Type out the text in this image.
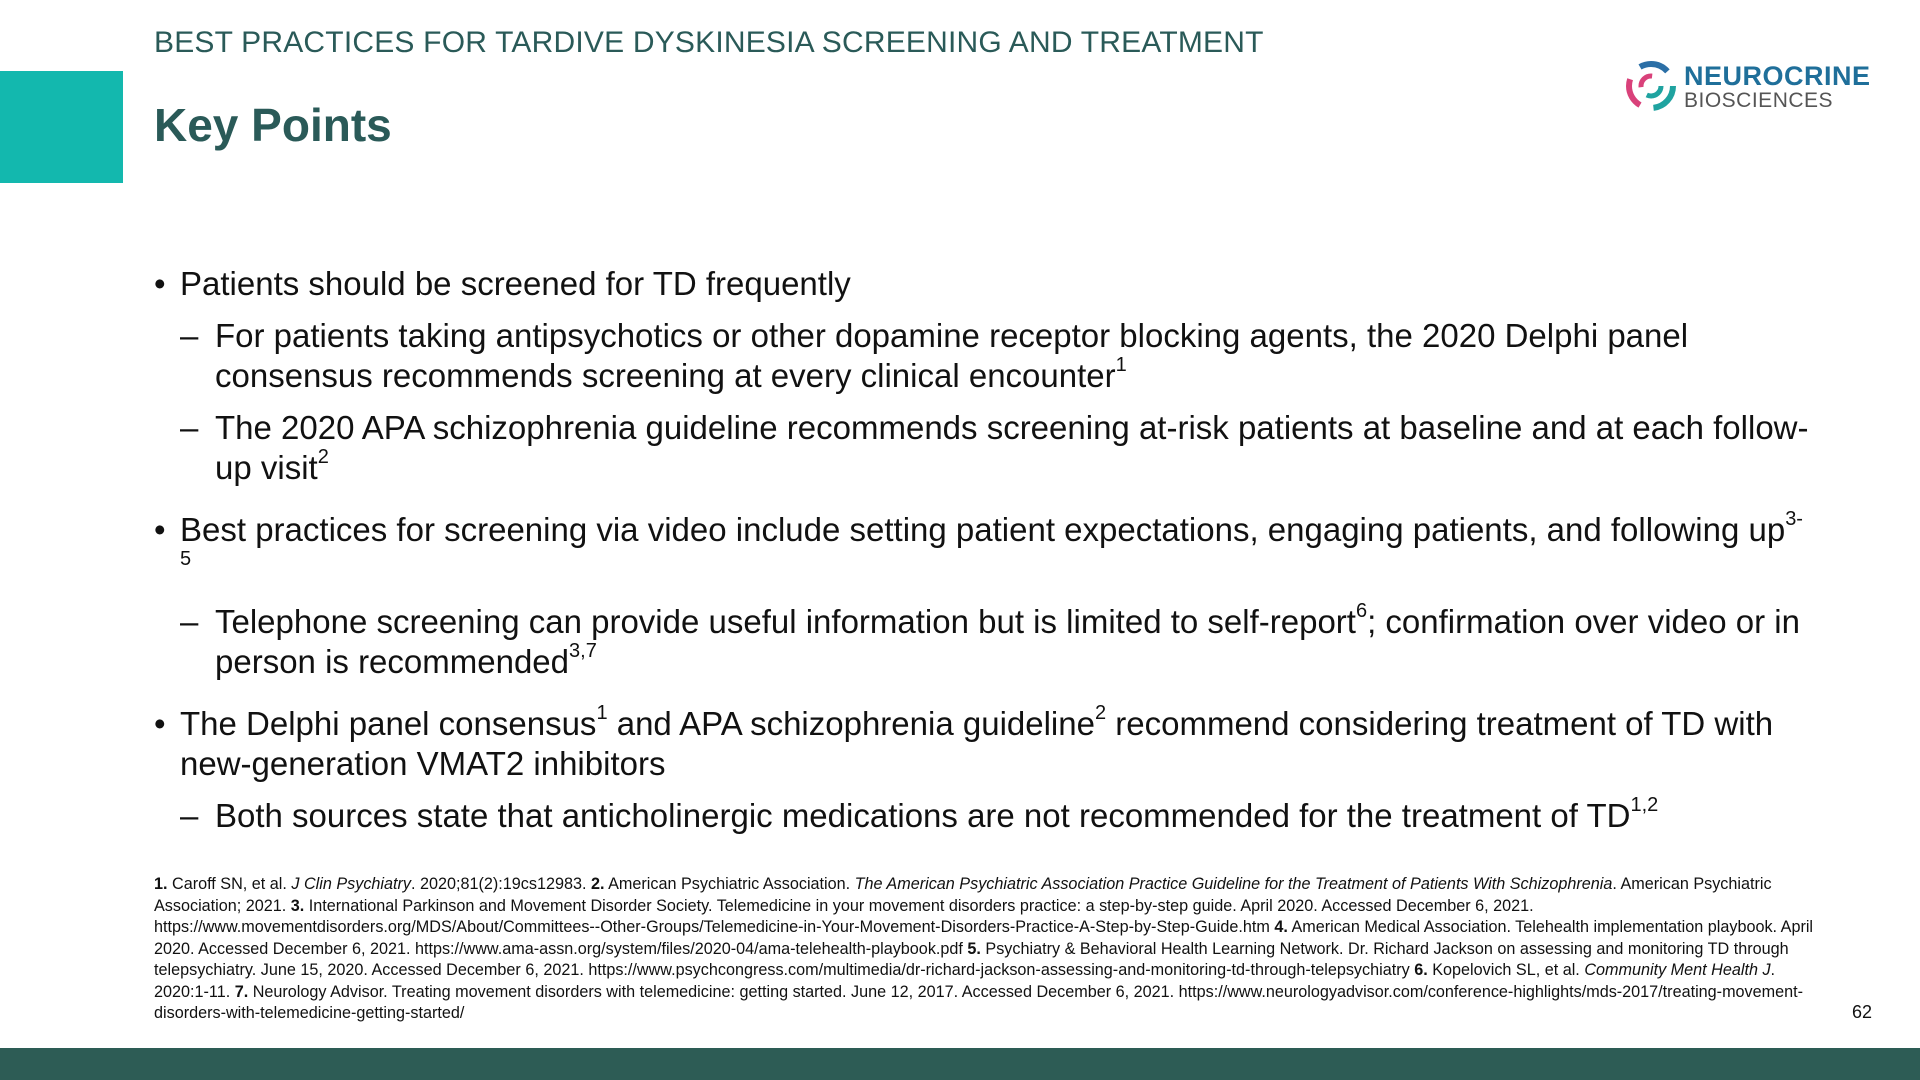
BEST PRACTICES FOR TARDIVE DYSKINESIA SCREENING AND TREATMENT
Key Points
NEUROCRINE
BIOSCIENCES
• Patients should be screened for TD frequently
– For patients taking antipsychotics or other dopamine receptor blocking agents, the 2020 Delphi panel consensus recommends screening at every clinical encounter$^1$
– The 2020 APA schizophrenia guideline recommends screening at-risk patients at baseline and at each follow-up visit$^2$
• Best practices for screening via video include setting patient expectations, engaging patients, and following $up^{3-5}$
– Telephone screening can provide useful information but is limited to self-report$^6$; confirmation over video or in person is recommended$^{3,7}$
• The Delphi panel consensus$^1$ and APA schizophrenia guideline$^2$ recommend considering treatment of TD with new-generation VMAT2 inhibitors
– Both sources state that anticholinergic medications are not recommended for the treatment of TD$^{1,2}$
1. Caroff SN, et al. J Clin Psychiatry. 2020;81(2):19cs12983. 2. American Psychiatric Association. The American Psychiatric Association Practice Guideline for the Treatment of Patients With Schizophrenia. American Psychiatric Association; 2021. 3. International Parkinson and Movement Disorder Society. Telemedicine in your movement disorders practice: a step-by-step guide. April 2020. Accessed December 6, 2021. https://www.movementdisorders.org/MDS/About/Committees--Other-Groups/Telemedicine-in-Your-Movement-Disorders-Practice-A-Step-by-Step-Guide.htm 4. American Medical Association. Telehealth implementation playbook. April 2020. Accessed December 6, 2021. https://www.ama-assn.org/system/files/2020-04/ama-telehealth-playbook.pdf 5. Psychiatry & Behavioral Health Learning Network. Dr. Richard Jackson on assessing and monitoring TD through telepsychiatry. June 15, 2020. Accessed December 6, 2021. https://www.psychcongress.com/multimedia/dr-richard-jackson-assessing-and-monitoring-td-through-telepsychiatry 6. Kopelovich SL, et al. Community Ment Health J. 2020:1-11. 7. Neurology Advisor. Treating movement disorders with telemedicine: getting started. June 12, 2017. Accessed December 6, 2021. https://www.neurologyadvisor.com/conference-highlights/mds-2017/treating-movement-disorders-with-telemedicine-getting-started/	62
